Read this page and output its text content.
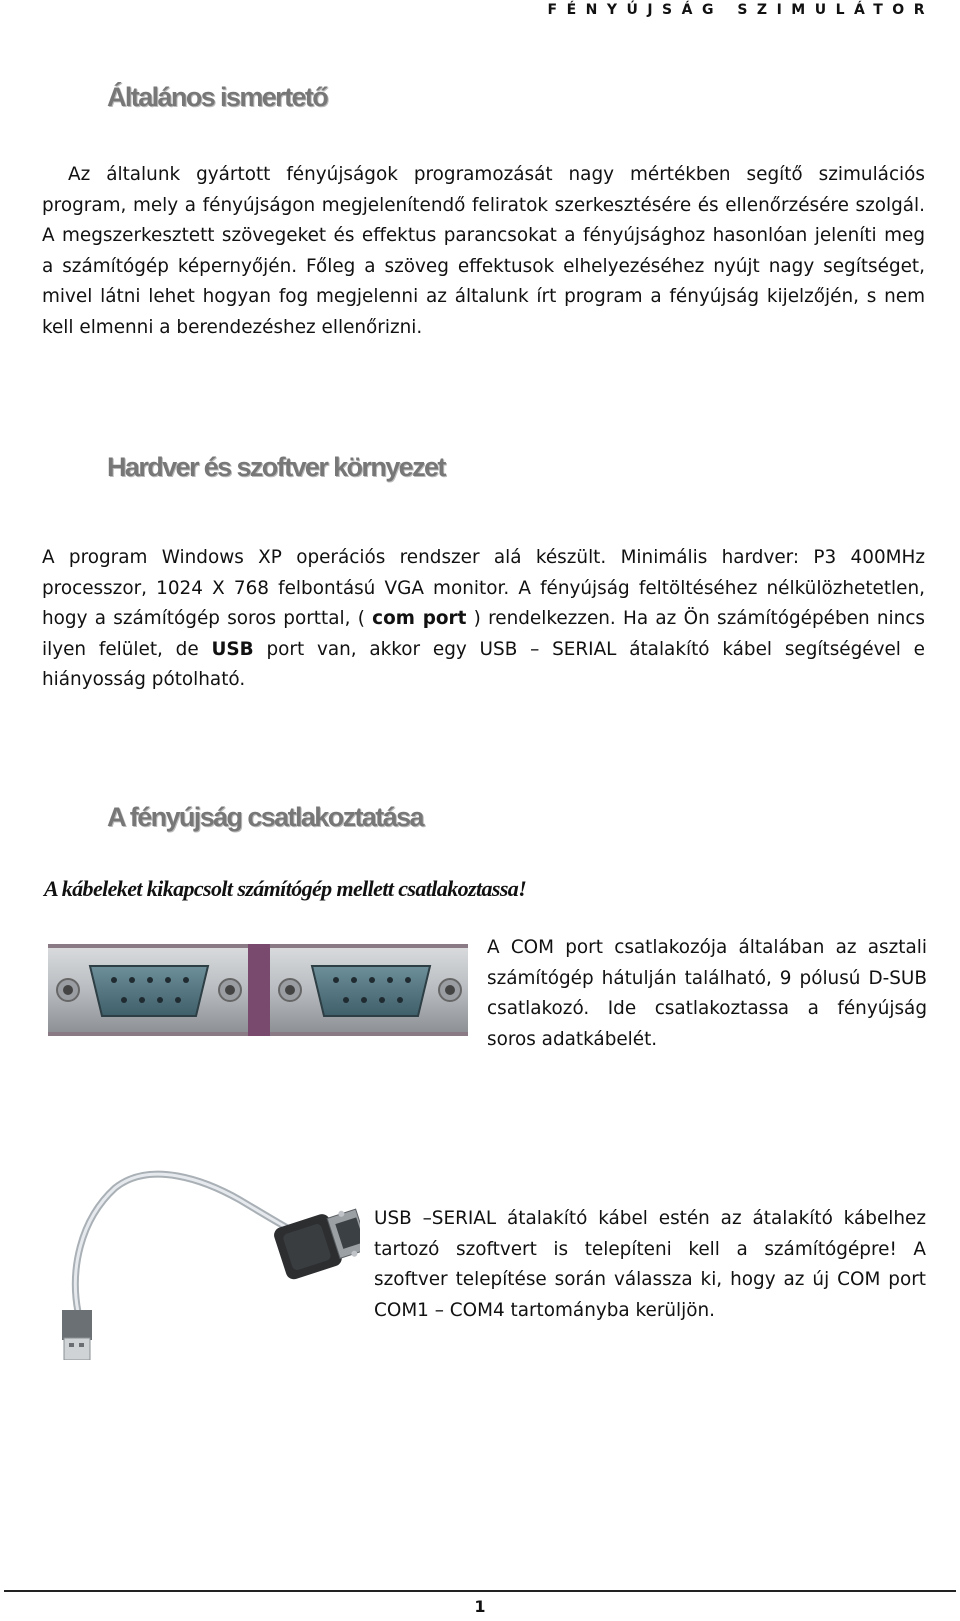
FÉNYÚJSÁG SZIMULÁTOR
Általános ismertető

Az általunk gyártott fényújságok programozását nagy mértékben segítő szimulációs program, mely a fényújságon megjelenítendő feliratok szerkesztésére és ellenőrzésére szolgál. A megszerkesztett szövegeket és effektus parancsokat a fényújsághoz hasonlóan jeleníti meg a számítógép képernyőjén. Főleg a szöveg effektusok elhelyezéséhez nyújt nagy segítséget, mivel látni lehet hogyan fog megjelenni az általunk írt program a fényújság kijelzőjén, s nem kell elmenni a berendezéshez ellenőrizni.

Hardver és szoftver környezet

A program Windows XP operációs rendszer alá készült. Minimális hardver: P3 400MHz processzor, 1024 X 768 felbontású VGA monitor. A fényújság feltöltéséhez nélkülözhetetlen, hogy a számítógép soros porttal, ( com port ) rendelkezzen. Ha az Ön számítógépében nincs ilyen felület, de USB port van, akkor egy USB – SERIAL átalakító kábel segítségével e hiányosság pótolható.

A fényújság csatlakoztatása
A kábeleket kikapcsolt számítógép mellett csatlakoztassa!

A COM port csatlakozója általában az asztali számítógép hátulján található, 9 pólusú D-SUB csatlakozó. Ide csatlakoztassa a fényújság soros adatkábelét.

USB –SERIAL átalakító kábel estén az átalakító kábelhez tartozó szoftvert is telepíteni kell a számítógépre! A szoftver telepítése során válassza ki, hogy az új COM port COM1 – COM4 tartományba kerüljön.

1
